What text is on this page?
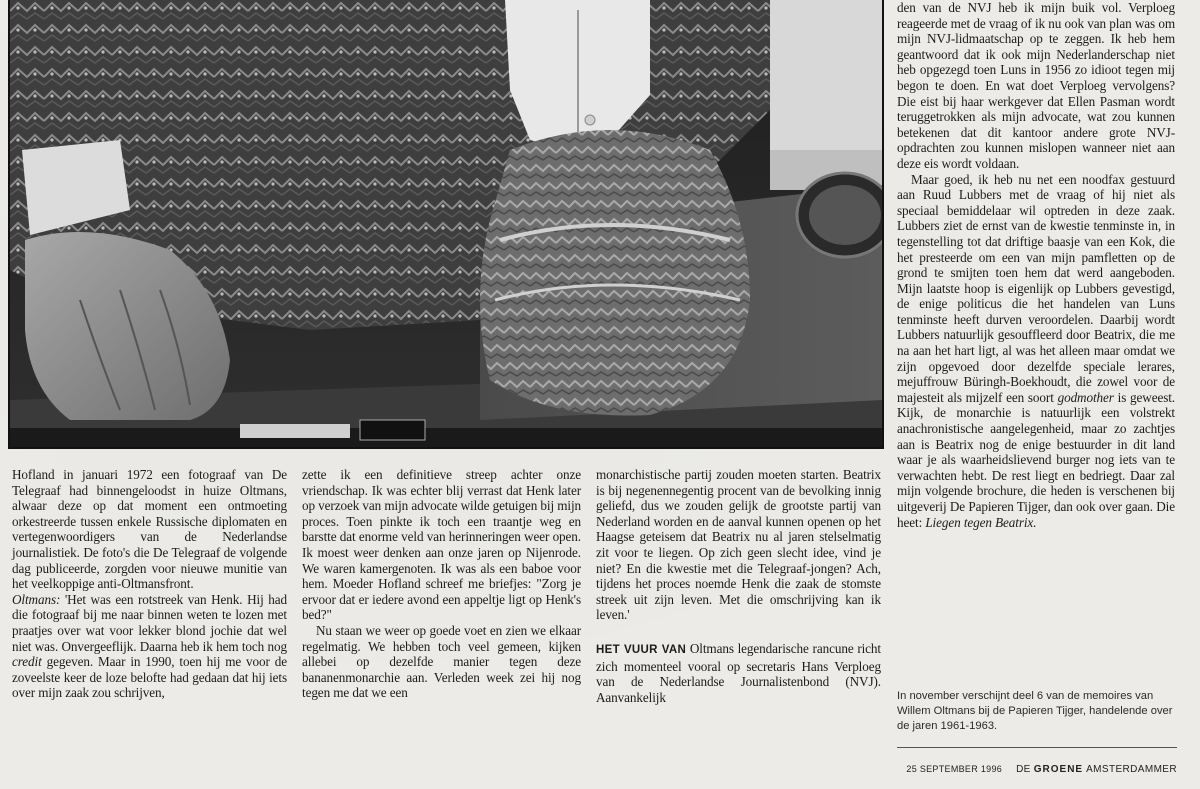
Hofland in januari 1972 een fotograaf van De Telegraaf had binnengeloodst in huize Oltmans, alwaar deze op dat moment een ontmoeting orkestreerde tussen enkele Russische diplomaten en vertegenwoordigers van de Nederlandse journalistiek. De foto's die De Telegraaf de volgende dag publiceerde, zorgden voor nieuwe munitie van het veelkoppige anti-Oltmansfront.

Oltmans: 'Het was een rotstreek van Henk. Hij had die fotograaf bij me naar binnen weten te lozen met praatjes over wat voor lekker blond jochie dat wel niet was. Onvergeeflijk. Daarna heb ik hem toch nog credit gegeven. Maar in 1990, toen hij me voor de zoveelste keer de loze belofte had gedaan dat hij iets over mijn zaak zou schrijven,

zette ik een definitieve streep achter onze vriendschap. Ik was echter blij verrast dat Henk later op verzoek van mijn advocate wilde getuigen bij mijn proces. Toen pinkte ik toch een traantje weg en barstte dat enorme veld van herinneringen weer open. Ik moest weer denken aan onze jaren op Nijenrode. We waren kamergenoten. Ik was als een baboe voor hem. Moeder Hofland schreef me briefjes: "Zorg je ervoor dat er iedere avond een appeltje ligt op Henk's bed?"

Nu staan we weer op goede voet en zien we elkaar regelmatig. We hebben toch veel gemeen, kijken allebei op dezelfde manier tegen deze bananenmonarchie aan. Verleden week zei hij nog tegen me dat we een

monarchistische partij zouden moeten starten. Beatrix is bij negenennegentig procent van de bevolking innig geliefd, dus we zouden gelijk de grootste partij van Nederland worden en de aanval kunnen openen op het Haagse geteisem dat Beatrix nu al jaren stelselmatig zit voor te liegen. Op zich geen slecht idee, vind je niet? En die kwestie met die Telegraaf-jongen? Ach, tijdens het proces noemde Henk die zaak de stomste streek uit zijn leven. Met die omschrijving kan ik leven.'

HET VUUR VAN Oltmans legendarische rancune richt zich momenteel vooral op secretaris Hans Verploeg van de Nederlandse Journalistenbond (NVJ). Aanvankelijk

den van de NVJ heb ik mijn buik vol. Verploeg reageerde met de vraag of ik nu ook van plan was om mijn NVJ-lidmaatschap op te zeggen. Ik heb hem geantwoord dat ik ook mijn Nederlanderschap niet heb opgezegd toen Luns in 1956 zo idioot tegen mij begon te doen. En wat doet Verploeg vervolgens? Die eist bij haar werkgever dat Ellen Pasman wordt teruggetrokken als mijn advocate, wat zou kunnen betekenen dat dit kantoor andere grote NVJ-opdrachten zou kunnen mislopen wanneer niet aan deze eis wordt voldaan.

Maar goed, ik heb nu net een noodfax gestuurd aan Ruud Lubbers met de vraag of hij niet als speciaal bemiddelaar wil optreden in deze zaak. Lubbers ziet de ernst van de kwestie tenminste in, in tegenstelling tot dat driftige baasje van een Kok, die het presteerde om een van mijn pamfletten op de grond te smijten toen hem dat werd aangeboden. Mijn laatste hoop is eigenlijk op Lubbers gevestigd, de enige politicus die het handelen van Luns tenminste heeft durven veroordelen. Daarbij wordt Lubbers natuurlijk gesouffleerd door Beatrix, die me na aan het hart ligt, al was het alleen maar omdat we zijn opgevoed door dezelfde speciale lerares, mejuffrouw Büringh-Boekhoudt, die zowel voor de majesteit als mijzelf een soort godmother is geweest. Kijk, de monarchie is natuurlijk een volstrekt anachronistische aangelegenheid, maar zo zachtjes aan is Beatrix nog de enige bestuurder in dit land waar je als waarheidslievend burger nog iets van te verwachten hebt. De rest liegt en bedriegt. Daar zal mijn volgende brochure, die heden is verschenen bij uitgeverij De Papieren Tijger, dan ook over gaan. Die heet: Liegen tegen Beatrix.

In november verschijnt deel 6 van de memoires van Willem Oltmans bij de Papieren Tijger, handelende over de jaren 1961-1963.
25 SEPTEMBER 1996 DE GROENE AMSTERDAMMER
